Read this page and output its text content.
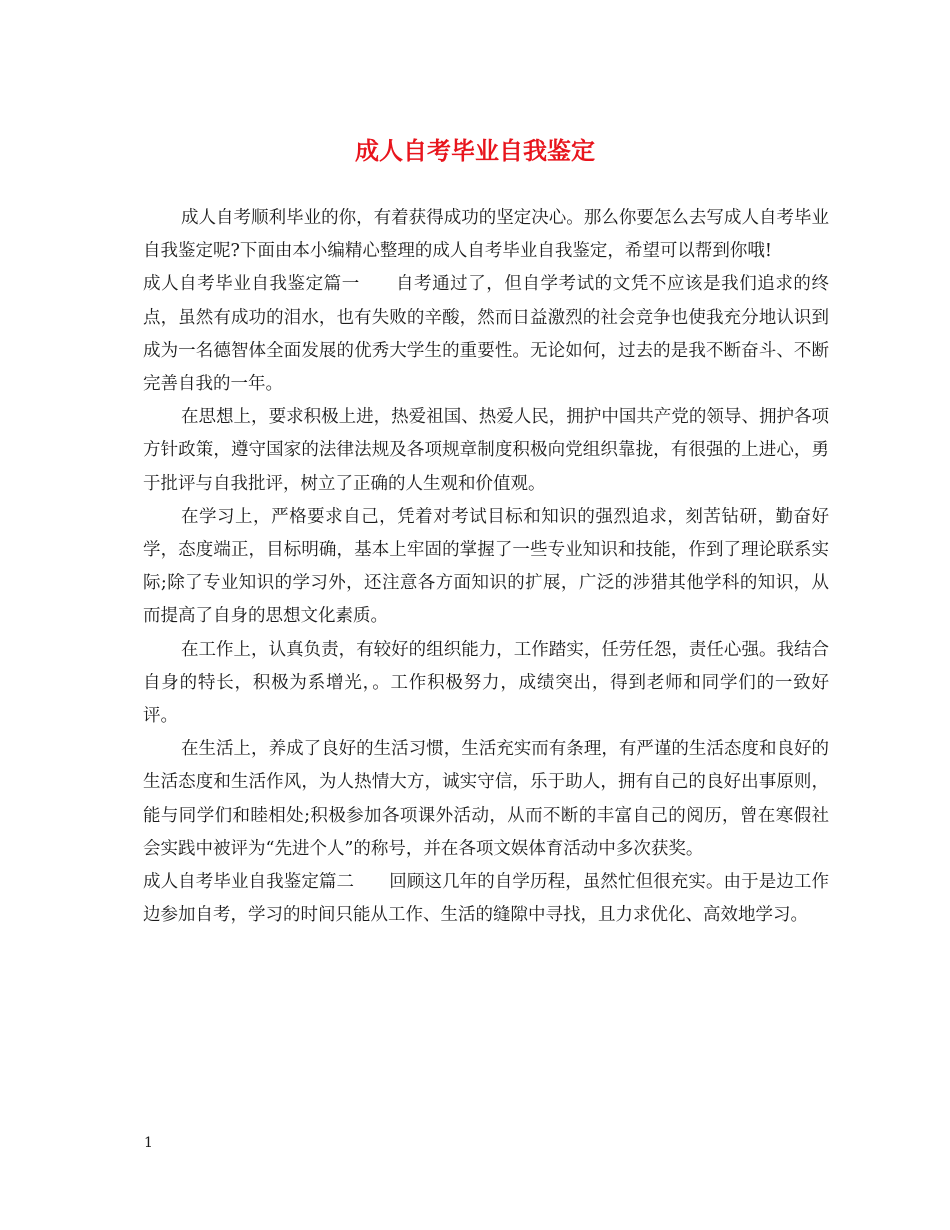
成人自考毕业自我鉴定

成人自考顺利毕业的你，有着获得成功的坚定决心。那么你要怎么去写成人自考毕业自我鉴定呢?下面由本小编精心整理的成人自考毕业自我鉴定，希望可以帮到你哦!

成人自考毕业自我鉴定篇一　　自考通过了，但自学考试的文凭不应该是我们追求的终点，虽然有成功的泪水，也有失败的辛酸，然而日益激烈的社会竞争也使我充分地认识到成为一名德智体全面发展的优秀大学生的重要性。无论如何，过去的是我不断奋斗、不断完善自我的一年。

在思想上，要求积极上进，热爱祖国、热爱人民，拥护中国共产党的领导、拥护各项方针政策，遵守国家的法律法规及各项规章制度积极向党组织靠拢，有很强的上进心，勇于批评与自我批评，树立了正确的人生观和价值观。

在学习上，严格要求自己，凭着对考试目标和知识的强烈追求，刻苦钻研，勤奋好学，态度端正，目标明确，基本上牢固的掌握了一些专业知识和技能，作到了理论联系实际;除了专业知识的学习外，还注意各方面知识的扩展，广泛的涉猎其他学科的知识，从而提高了自身的思想文化素质。

在工作上，认真负责，有较好的组织能力，工作踏实，任劳任怨，责任心强。我结合自身的特长，积极为系增光，。工作积极努力，成绩突出，得到老师和同学们的一致好评。

在生活上，养成了良好的生活习惯，生活充实而有条理，有严谨的生活态度和良好的生活态度和生活作风，为人热情大方，诚实守信，乐于助人，拥有自己的良好出事原则，能与同学们和睦相处;积极参加各项课外活动，从而不断的丰富自己的阅历，曾在寒假社会实践中被评为“先进个人”的称号，并在各项文娱体育活动中多次获奖。

成人自考毕业自我鉴定篇二　　回顾这几年的自学历程，虽然忙但很充实。由于是边工作边参加自考，学习的时间只能从工作、生活的缝隙中寻找，且力求优化、高效地学习。

1
